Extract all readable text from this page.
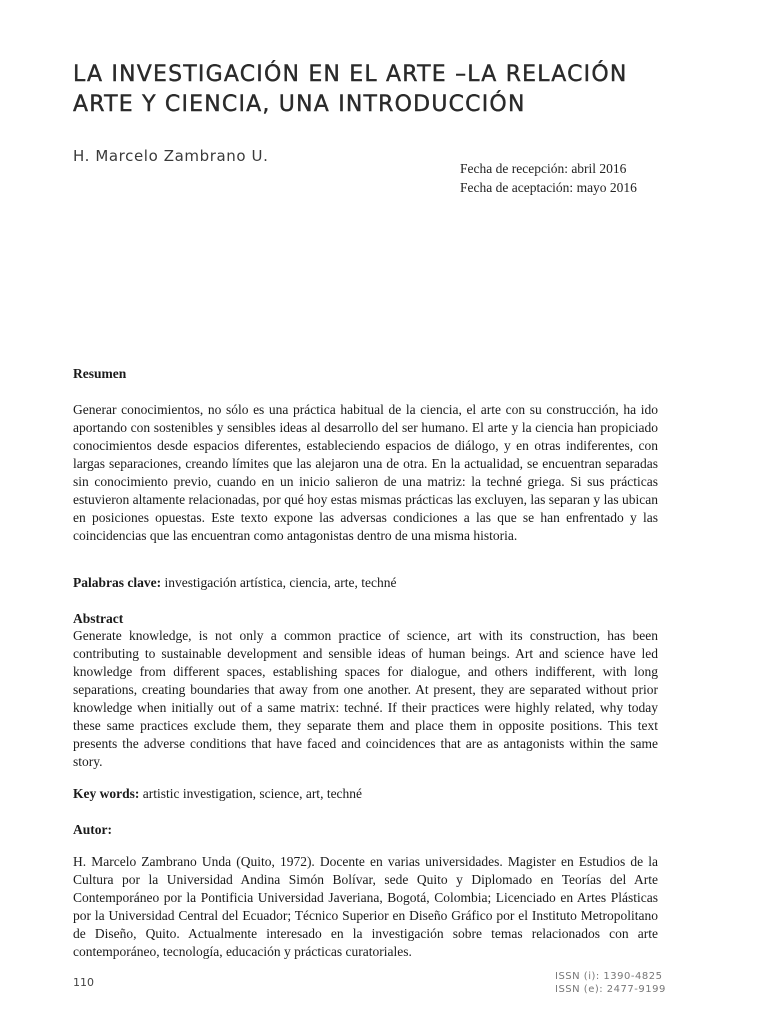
LA INVESTIGACIÓN EN EL ARTE –LA RELACIÓN
ARTE Y CIENCIA, UNA INTRODUCCIÓN
H. Marcelo Zambrano U.
Fecha de recepción: abril 2016
Fecha de aceptación: mayo 2016
Resumen

Generar conocimientos, no sólo es una práctica habitual de la ciencia, el arte con su construcción, ha ido aportando con sostenibles y sensibles ideas al desarrollo del ser humano. El arte y la ciencia han propiciado conocimientos desde espacios diferentes, estableciendo espacios de diálogo, y en otras indiferentes, con largas separaciones, creando límites que las alejaron una de otra. En la actualidad, se encuentran separadas sin conocimiento previo, cuando en un inicio salieron de una matriz: la techné griega. Si sus prácticas estuvieron altamente relacionadas, por qué hoy estas mismas prácticas las excluyen, las separan y las ubican en posiciones opuestas. Este texto expone las adversas condiciones a las que se han enfrentado y las coincidencias que las encuentran como antagonistas dentro de una misma historia.

Palabras clave: investigación artística, ciencia, arte, techné

Abstract

Generate knowledge, is not only a common practice of science, art with its construction, has been contributing to sustainable development and sensible ideas of human beings. Art and science have led knowledge from different spaces, establishing spaces for dialogue, and others indifferent, with long separations, creating boundaries that away from one another. At present, they are separated without prior knowledge when initially out of a same matrix: techné. If their practices were highly related, why today these same practices exclude them, they separate them and place them in opposite positions. This text presents the adverse conditions that have faced and coincidences that are as antagonists within the same story.

Key words: artistic investigation, science, art, techné

Autor:

H. Marcelo Zambrano Unda (Quito, 1972). Docente en varias universidades. Magister en Estudios de la Cultura por la Universidad Andina Simón Bolívar, sede Quito y Diplomado en Teorías del Arte Contemporáneo por la Pontificia Universidad Javeriana, Bogotá, Colombia; Licenciado en Artes Plásticas por la Universidad Central del Ecuador; Técnico Superior en Diseño Gráfico por el Instituto Metropolitano de Diseño, Quito. Actualmente interesado en la investigación sobre temas relacionados con arte contemporáneo, tecnología, educación y prácticas curatoriales.

110	ISSN (i): 1390-4825
ISSN (e): 2477-9199
